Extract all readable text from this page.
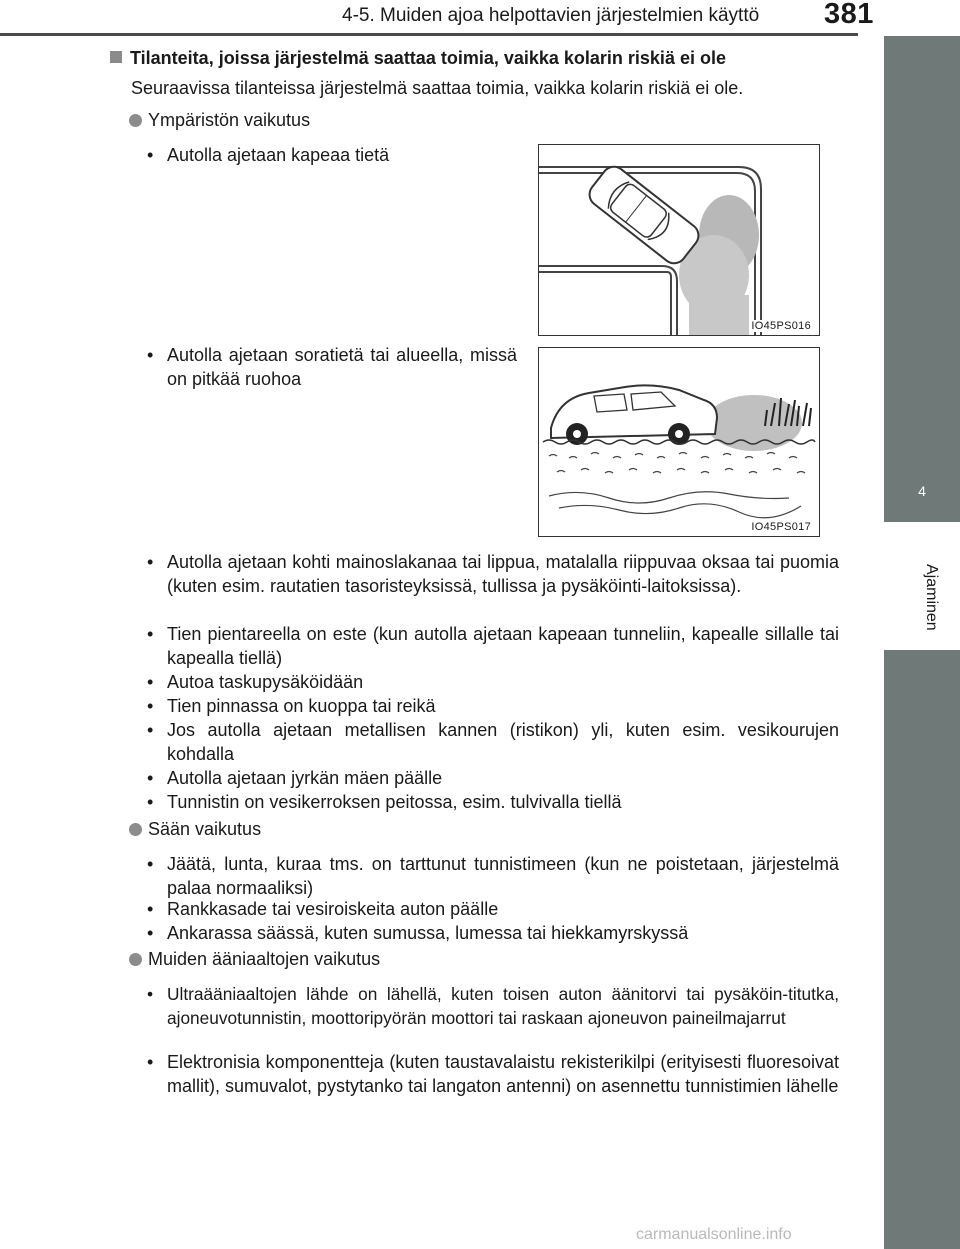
4-5. Muiden ajoa helpottavien järjestelmien käyttö 381
4
Ajaminen
Tilanteita, joissa järjestelmä saattaa toimia, vaikka kolarin riskiä ei ole
Seuraavissa tilanteissa järjestelmä saattaa toimia, vaikka kolarin riskiä ei ole.
Ympäristön vaikutus
• Autolla ajetaan kapeaa tietä
IO45PS016
• Autolla ajetaan soratietä tai alueella, missä on pitkää ruohoa
IO45PS017
• Autolla ajetaan kohti mainoslakanaa tai lippua, matalalla riippuvaa oksaa tai puomia (kuten esim. rautatien tasoristeyksissä, tullissa ja pysäköinti-laitoksissa).
• Tien pientareella on este (kun autolla ajetaan kapeaan tunneliin, kapealle sillalle tai kapealla tiellä)
• Autoa taskupysäköidään
• Tien pinnassa on kuoppa tai reikä
• Jos autolla ajetaan metallisen kannen (ristikon) yli, kuten esim. vesikourujen kohdalla
• Autolla ajetaan jyrkän mäen päälle
• Tunnistin on vesikerroksen peitossa, esim. tulvivalla tiellä
Sään vaikutus
• Jäätä, lunta, kuraa tms. on tarttunut tunnistimeen (kun ne poistetaan, järjestelmä palaa normaaliksi)
• Rankkasade tai vesiroiskeita auton päälle
• Ankarassa säässä, kuten sumussa, lumessa tai hiekkamyrskyssä
Muiden ääniaaltojen vaikutus
• Ultraääniaaltojen lähde on lähellä, kuten toisen auton äänitorvi tai pysäköin-titutka, ajoneuvotunnistin, moottoripyörän moottori tai raskaan ajoneuvon paineilmajarrut
• Elektronisia komponentteja (kuten taustavalaistu rekisterikilpi (erityisesti fluoresoivat mallit), sumuvalot, pystytanko tai langaton antenni) on asennettu tunnistimien lähelle
carmanualsonline.info
